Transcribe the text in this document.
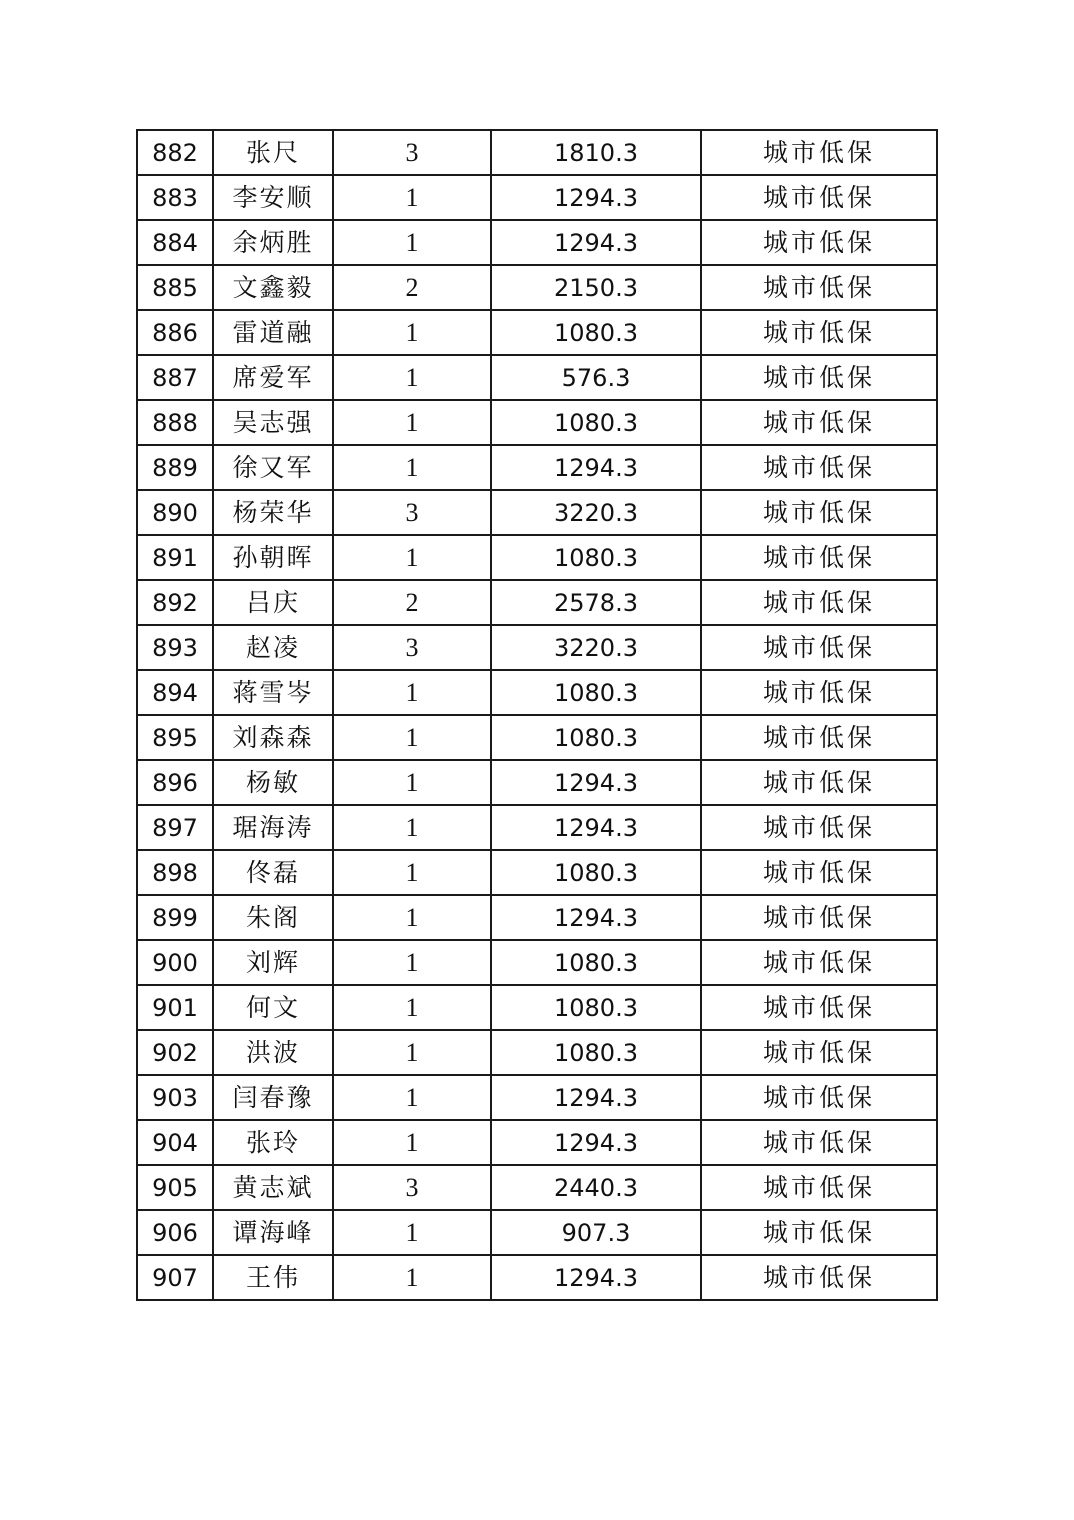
882	张尺	3	1810.3	城市低保
883	李安顺	1	1294.3	城市低保
884	余炳胜	1	1294.3	城市低保
885	文鑫毅	2	2150.3	城市低保
886	雷道融	1	1080.3	城市低保
887	席爱军	1	576.3	城市低保
888	吴志强	1	1080.3	城市低保
889	徐又军	1	1294.3	城市低保
890	杨荣华	3	3220.3	城市低保
891	孙朝晖	1	1080.3	城市低保
892	吕庆	2	2578.3	城市低保
893	赵凌	3	3220.3	城市低保
894	蒋雪岑	1	1080.3	城市低保
895	刘森森	1	1080.3	城市低保
896	杨敏	1	1294.3	城市低保
897	琚海涛	1	1294.3	城市低保
898	佟磊	1	1080.3	城市低保
899	朱阁	1	1294.3	城市低保
900	刘辉	1	1080.3	城市低保
901	何文	1	1080.3	城市低保
902	洪波	1	1080.3	城市低保
903	闫春豫	1	1294.3	城市低保
904	张玲	1	1294.3	城市低保
905	黄志斌	3	2440.3	城市低保
906	谭海峰	1	907.3	城市低保
907	王伟	1	1294.3	城市低保
